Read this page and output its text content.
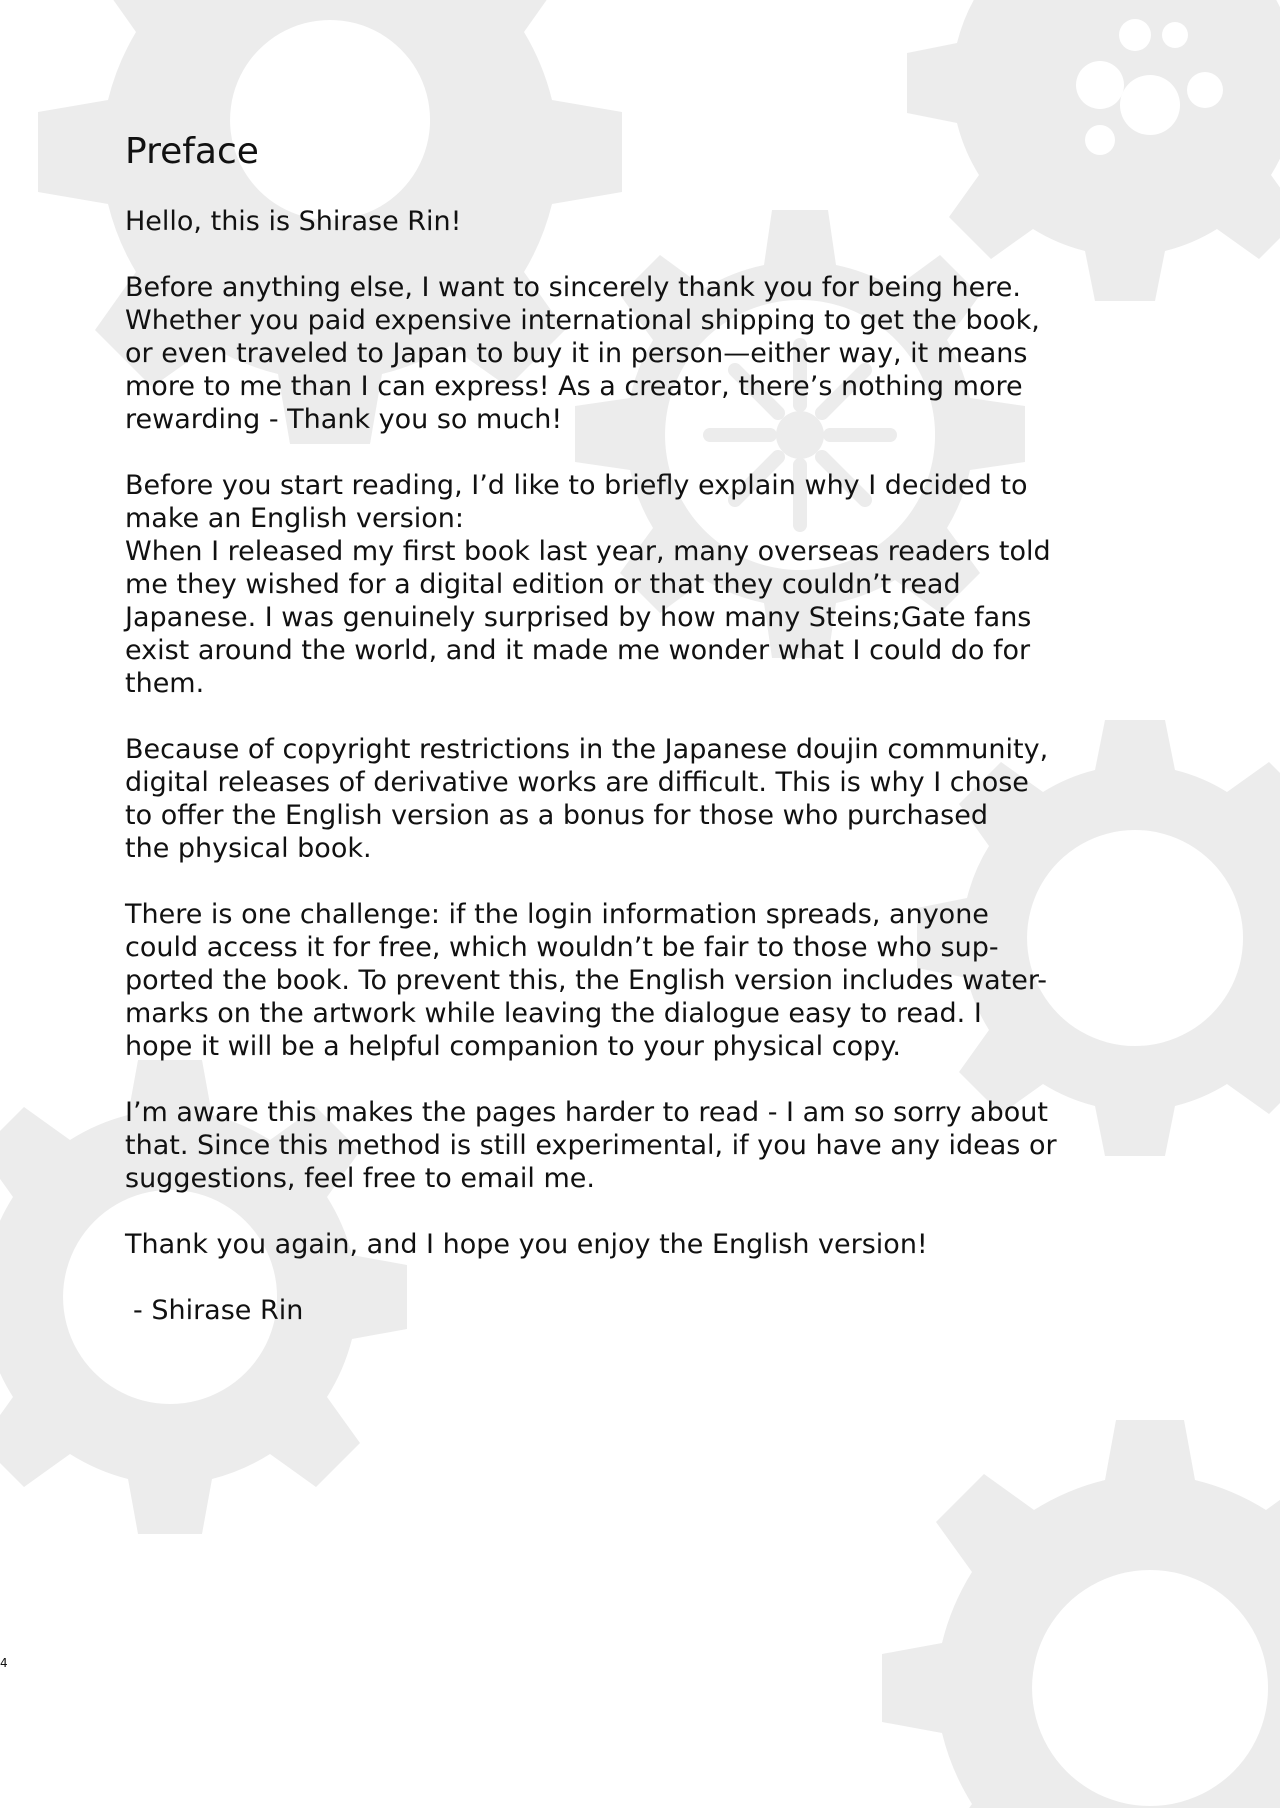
Preface

Hello, this is Shirase Rin!

Before anything else, I want to sincerely thank you for being here.
Whether you paid expensive international shipping to get the book,
or even traveled to Japan to buy it in person—either way, it means
more to me than I can express! As a creator, there’s nothing more
rewarding - Thank you so much!

Before you start reading, I’d like to briefly explain why I decided to
make an English version:
When I released my first book last year, many overseas readers told
me they wished for a digital edition or that they couldn’t read
Japanese. I was genuinely surprised by how many Steins;Gate fans
exist around the world, and it made me wonder what I could do for
them.

Because of copyright restrictions in the Japanese doujin community,
digital releases of derivative works are difficult. This is why I chose
to offer the English version as a bonus for those who purchased
the physical book.

There is one challenge: if the login information spreads, anyone
could access it for free, which wouldn’t be fair to those who sup-
ported the book. To prevent this, the English version includes water-
marks on the artwork while leaving the dialogue easy to read. I
hope it will be a helpful companion to your physical copy.

I’m aware this makes the pages harder to read - I am so sorry about
that. Since this method is still experimental, if you have any ideas or
suggestions, feel free to email me.

Thank you again, and I hope you enjoy the English version!

- Shirase Rin

4
